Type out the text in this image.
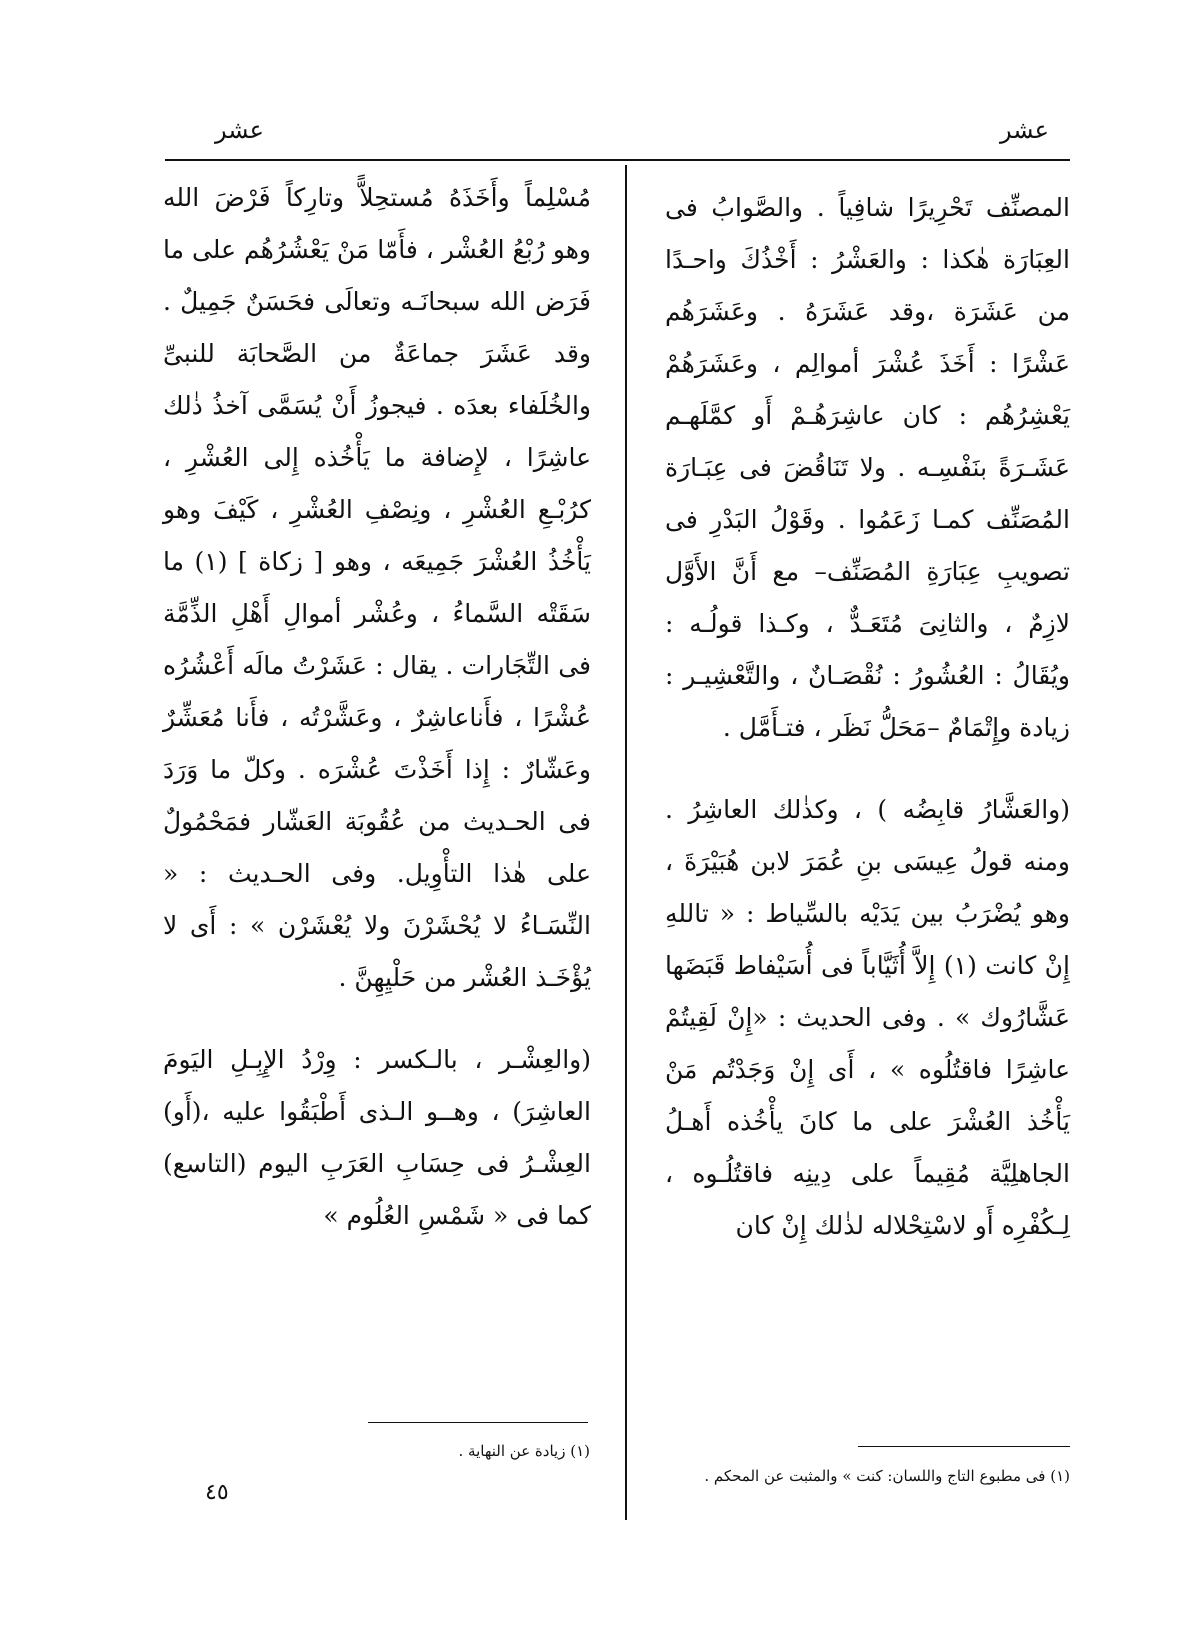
عشر
عشر

المصنِّف تَحْرِيرًا شافِياً . والصَّوابُ فى العِبَارَة هٰكذا : والعَشْرُ : أَخْذُكَ واحـدًا من عَشَرَة ،وقد عَشَرَهُ . وعَشَرَهُم عَشْرًا : أَخَذَ عُشْرَ أموالِم ، وعَشَرَهُمْ يَعْشِرُهُم : كان عاشِرَهُـمْ أَو كمَّلَهـم عَشَـرَةً بنَفْسِـه . ولا تَنَاقُضَ فى عِبَـارَة المُصَنِّف كمـا زَعَمُوا . وقَوْلُ البَدْرِ فى تصويبِ عِبَارَةِ المُصَنِّف– مع أَنَّ الأَوَّل لازِمٌ ، والثانِىَ مُتَعَـدٌّ ، وكـذا قولُـه : ويُقَالُ : العُشُورُ : نُقْصَـانٌ ، والتَّعْشِيـر : زيادة وإِتْمَامٌ –مَحَلُّ نَظَر ، فتـأَمَّل .

(والعَشَّارُ قابِضُه ) ، وكذٰلك العاشِرُ . ومنه قولُ عِيسَى بنِ عُمَرَ لابن هُبَيْرَةَ ، وهو يُضْرَبُ بين يَدَيْه بالسِّياط : « تاللهِ إِنْ كانت (١) إِلاَّ أُثَيَّاباً فى أُسَيْفاط قَبَضَها عَشَّارُوك » . وفى الحديث : «إِنْ لَقِيتُمْ عاشِرًا فاقتُلُوه » ، أَى إِنْ وَجَدْتُم مَنْ يَأْخُذ العُشْرَ على ما كانَ يأْخُذه أَهـلُ الجاهلِيَّة مُقِيماً على دِينِه فاقتُلُـوه ، لِـكُفْرِه أَو لاسْتِحْلاله لذٰلك إِنْ كان

مُسْلِماً وأَخَذَهُ مُستحِلاًّ وتارِكاً فَرْضَ الله وهو رُبْعُ العُشْر ، فأَمّا مَنْ يَعْشُرُهُم على ما فَرَض الله سبحانَـه وتعالَى فحَسَنٌ جَمِيلٌ . وقد عَشَرَ جماعَةٌ من الصَّحابَة للنبىِّ والخُلَفاء بعدَه . فيجوزُ أَنْ يُسَمَّى آخذُ ذٰلك عاشِرًا ، لإِضافة ما يَأْخُذه إِلى العُشْرِ ، كرُبْـعِ العُشْرِ ، ونِصْفِ العُشْرِ ، كَيْفَ وهو يَأْخُذُ العُشْرَ جَمِيعَه ، وهو [ زكاة ] (١) ما سَقَتْه السَّماءُ ، وعُشْر أموالِ أَهْلِ الذِّمَّة فى التِّجَارات . يقال : عَشَرْتُ مالَه أَعْشُرُه عُشْرًا ، فأَناعاشِرٌ ، وعَشَّرْتُه ، فأَنا مُعَشِّرٌ وعَشّارٌ : إِذا أَخَذْتَ عُشْرَه . وكلّ ما وَرَدَ فى الحـديث من عُقُوبَة العَشّار فمَحْمُولٌ على هٰذا التأْوِيل. وفى الحـديث : « النِّسَـاءُ لا يُحْشَرْنَ ولا يُعْشَرْن » : أَى لا يُؤْخَـذ العُشْر من حَلْيِهِنَّ .

(والعِشْـر ، بالـكسر : وِرْدُ الإِبِـلِ اليَومَ العاشِرَ) ، وهــو الـذى أَطْبَقُوا عليه ،(أَو) العِشْـرُ فى حِسَابِ العَرَبِ اليوم (التاسع) كما فى « شَمْسِ العُلُوم »

(١) فى مطبوع التاج واللسان: كنت » والمثبت عن المحكم .
(١) زيادة عن النهاية .
٤٥
